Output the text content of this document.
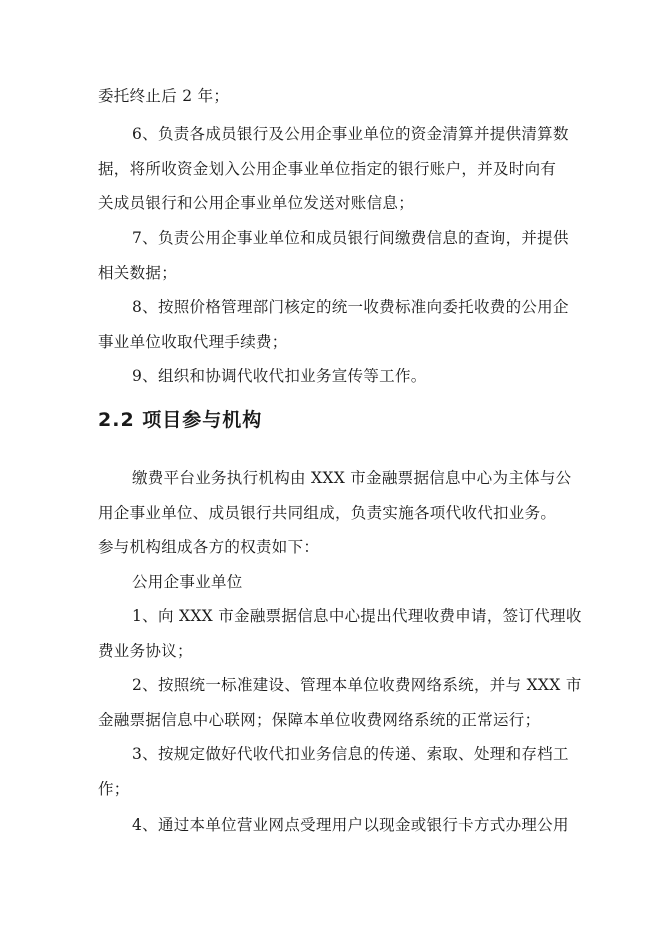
委托终止后 2 年；
6、负责各成员银行及公用企事业单位的资金清算并提供清算数
据，将所收资金划入公用企事业单位指定的银行账户，并及时向有
关成员银行和公用企事业单位发送对账信息；
7、负责公用企事业单位和成员银行间缴费信息的查询，并提供
相关数据；
8、按照价格管理部门核定的统一收费标准向委托收费的公用企
事业单位收取代理手续费；
9、组织和协调代收代扣业务宣传等工作。
2.2 项目参与机构
缴费平台业务执行机构由 XXX 市金融票据信息中心为主体与公
用企事业单位、成员银行共同组成，负责实施各项代收代扣业务。
参与机构组成各方的权责如下：
公用企事业单位
1、向 XXX 市金融票据信息中心提出代理收费申请，签订代理收
费业务协议；
2、按照统一标准建设、管理本单位收费网络系统，并与 XXX 市
金融票据信息中心联网；保障本单位收费网络系统的正常运行；
3、按规定做好代收代扣业务信息的传递、索取、处理和存档工
作；
4、通过本单位营业网点受理用户以现金或银行卡方式办理公用
